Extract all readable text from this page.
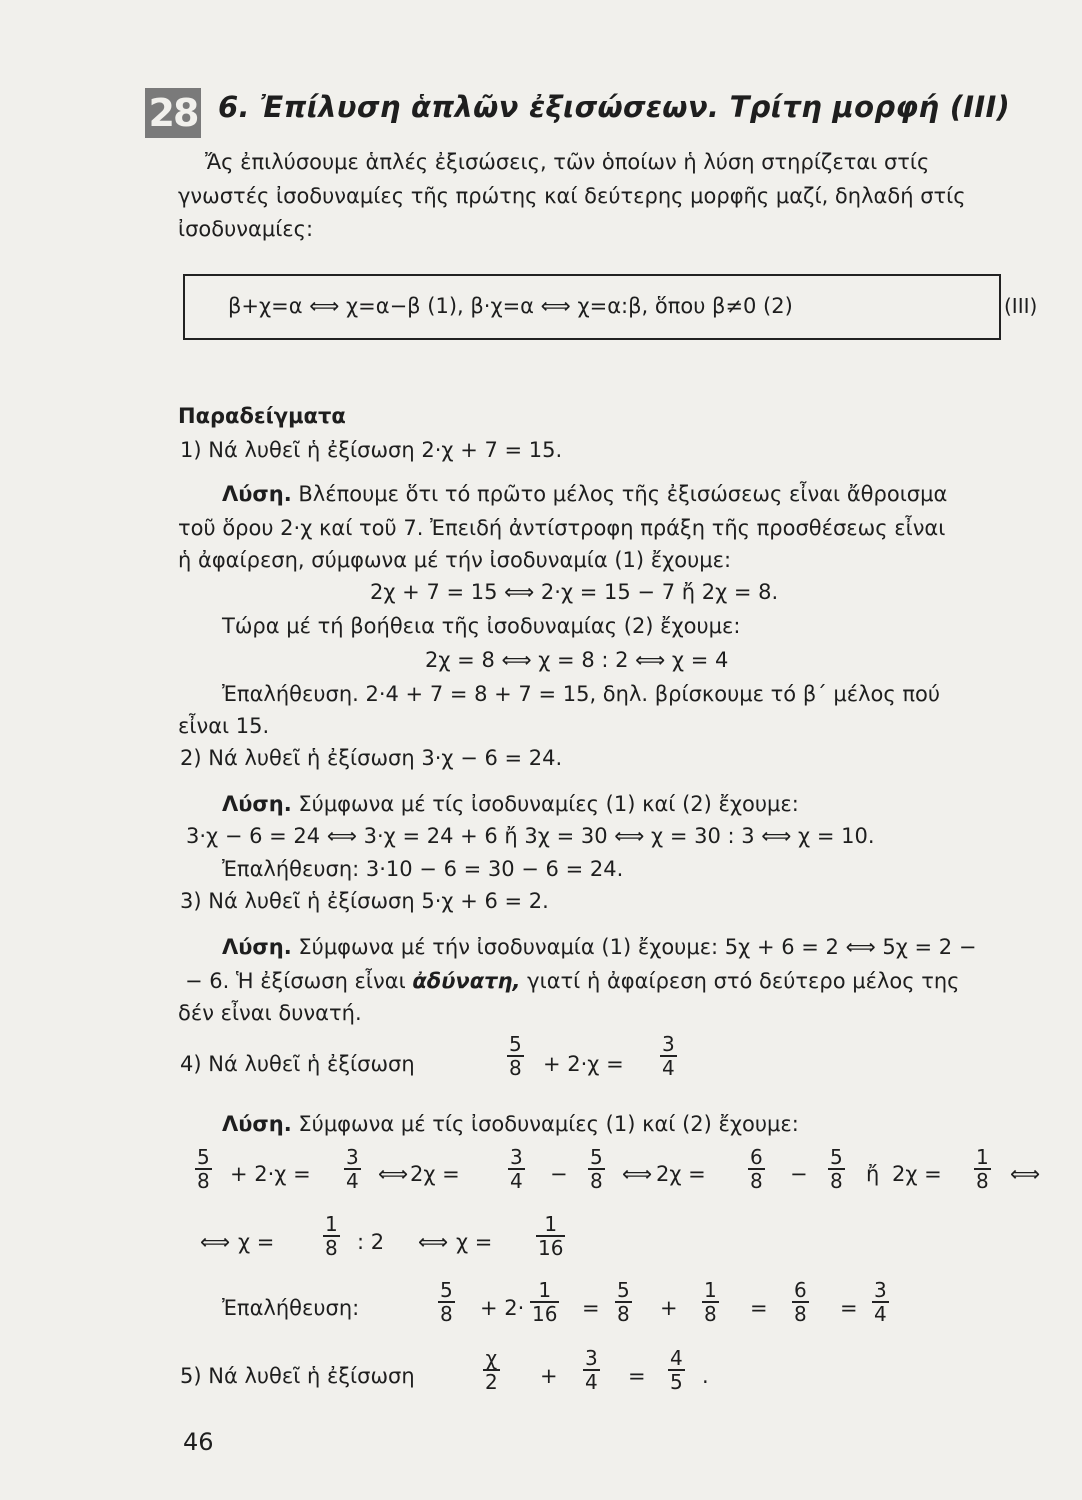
28 6. Ἐπίλυση ἁπλῶν ἐξισώσεων. Τρίτη μορφή (ΙΙΙ)
Ἄς ἐπιλύσουμε ἁπλές ἐξισώσεις, τῶν ὁποίων ἡ λύση στηρίζεται στίς
γνωστές ἰσοδυναμίες τῆς πρώτης καί δεύτερης μορφῆς μαζί, δηλαδή στίς
ἰσοδυναμίες:
β+χ=α ⟺ χ=α−β (1), β·χ=α ⟺ χ=α:β, ὅπου β≠0 (2)	(ΙΙΙ)
Παραδείγματα
1) Νά λυθεῖ ἡ ἐξίσωση 2·χ + 7 = 15.
Λύση. Βλέπουμε ὅτι τό πρῶτο μέλος τῆς ἐξισώσεως εἶναι ἄθροισμα
τοῦ ὅρου 2·χ καί τοῦ 7. Ἐπειδή ἀντίστροφη πράξη τῆς προσθέσεως εἶναι
ἡ ἀφαίρεση, σύμφωνα μέ τήν ἰσοδυναμία (1) ἔχουμε:
2χ + 7 = 15 ⟺ 2·χ = 15 − 7 ἤ 2χ = 8.
Τώρα μέ τή βοήθεια τῆς ἰσοδυναμίας (2) ἔχουμε:
2χ = 8 ⟺ χ = 8 : 2 ⟺ χ = 4
Ἐπαλήθευση. 2·4 + 7 = 8 + 7 = 15, δηλ. βρίσκουμε τό β΄ μέλος πού
εἶναι 15.
2) Νά λυθεῖ ἡ ἐξίσωση 3·χ − 6 = 24.
Λύση. Σύμφωνα μέ τίς ἰσοδυναμίες (1) καί (2) ἔχουμε:
3·χ − 6 = 24 ⟺ 3·χ = 24 + 6 ἤ 3χ = 30 ⟺ χ = 30 : 3 ⟺ χ = 10.
Ἐπαλήθευση: 3·10 − 6 = 30 − 6 = 24.
3) Νά λυθεῖ ἡ ἐξίσωση 5·χ + 6 = 2.
Λύση. Σύμφωνα μέ τήν ἰσοδυναμία (1) ἔχουμε: 5χ + 6 = 2 ⟺ 5χ = 2 −
− 6. Ἡ ἐξίσωση εἶναι ἀδύνατη, γιατί ἡ ἀφαίρεση στό δεύτερο μέλος της
δέν εἶναι δυνατή.
4) Νά λυθεῖ ἡ ἐξίσωση	$\frac{5}{8} + 2\cdot\chi = \frac{3}{4}$
Λύση. Σύμφωνα μέ τίς ἰσοδυναμίες (1) καί (2) ἔχουμε:
$\frac{5}{8} + 2\cdot\chi = \frac{3}{4}$ ⟺ $2\chi = \frac{3}{4} - \frac{5}{8}$ ⟺ $2\chi = \frac{6}{8} - \frac{5}{8}$ ἤ $2\chi = \frac{1}{8}$ ⟺
⟺ $\chi = \frac{1}{8}$ : 2 ⟺ $\chi = \frac{1}{16}$
Ἐπαλήθευση:	$\frac{5}{8} + 2\cdot \frac{1}{16} = \frac{5}{8} + \frac{1}{8} = \frac{6}{8} = \frac{3}{4}$
5) Νά λυθεῖ ἡ ἐξίσωση	$\frac{\chi}{2} + \frac{3}{4} = \frac{4}{5}$ .
46
